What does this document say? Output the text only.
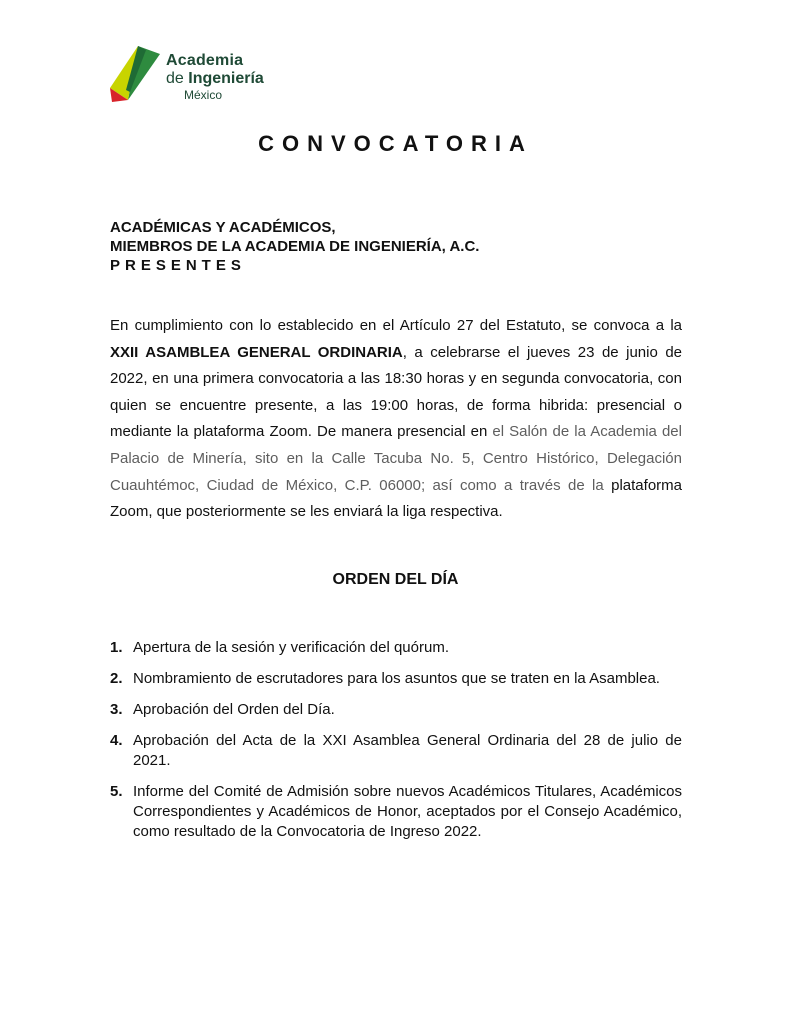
Academia
de Ingeniería
México
CONVOCATORIA
ACADÉMICAS Y ACADÉMICOS,
MIEMBROS DE LA ACADEMIA DE INGENIERÍA, A.C.
PRESENTES
En cumplimiento con lo establecido en el Artículo 27 del Estatuto, se convoca a la XXII ASAMBLEA GENERAL ORDINARIA, a celebrarse el jueves 23 de junio de 2022, en una primera convocatoria a las 18:30 horas y en segunda convocatoria, con quien se encuentre presente, a las 19:00 horas, de forma hibrida: presencial o mediante la plataforma Zoom. De manera presencial en el Salón de la Academia del Palacio de Minería, sito en la Calle Tacuba No. 5, Centro Histórico, Delegación Cuauhtémoc, Ciudad de México, C.P. 06000; así como a través de la plataforma Zoom, que posteriormente se les enviará la liga respectiva.
ORDEN DEL DÍA
1. Apertura de la sesión y verificación del quórum.
2. Nombramiento de escrutadores para los asuntos que se traten en la Asamblea.
3. Aprobación del Orden del Día.
4. Aprobación del Acta de la XXI Asamblea General Ordinaria del 28 de julio de 2021.
5. Informe del Comité de Admisión sobre nuevos Académicos Titulares, Académicos Correspondientes y Académicos de Honor, aceptados por el Consejo Académico, como resultado de la Convocatoria de Ingreso 2022.
